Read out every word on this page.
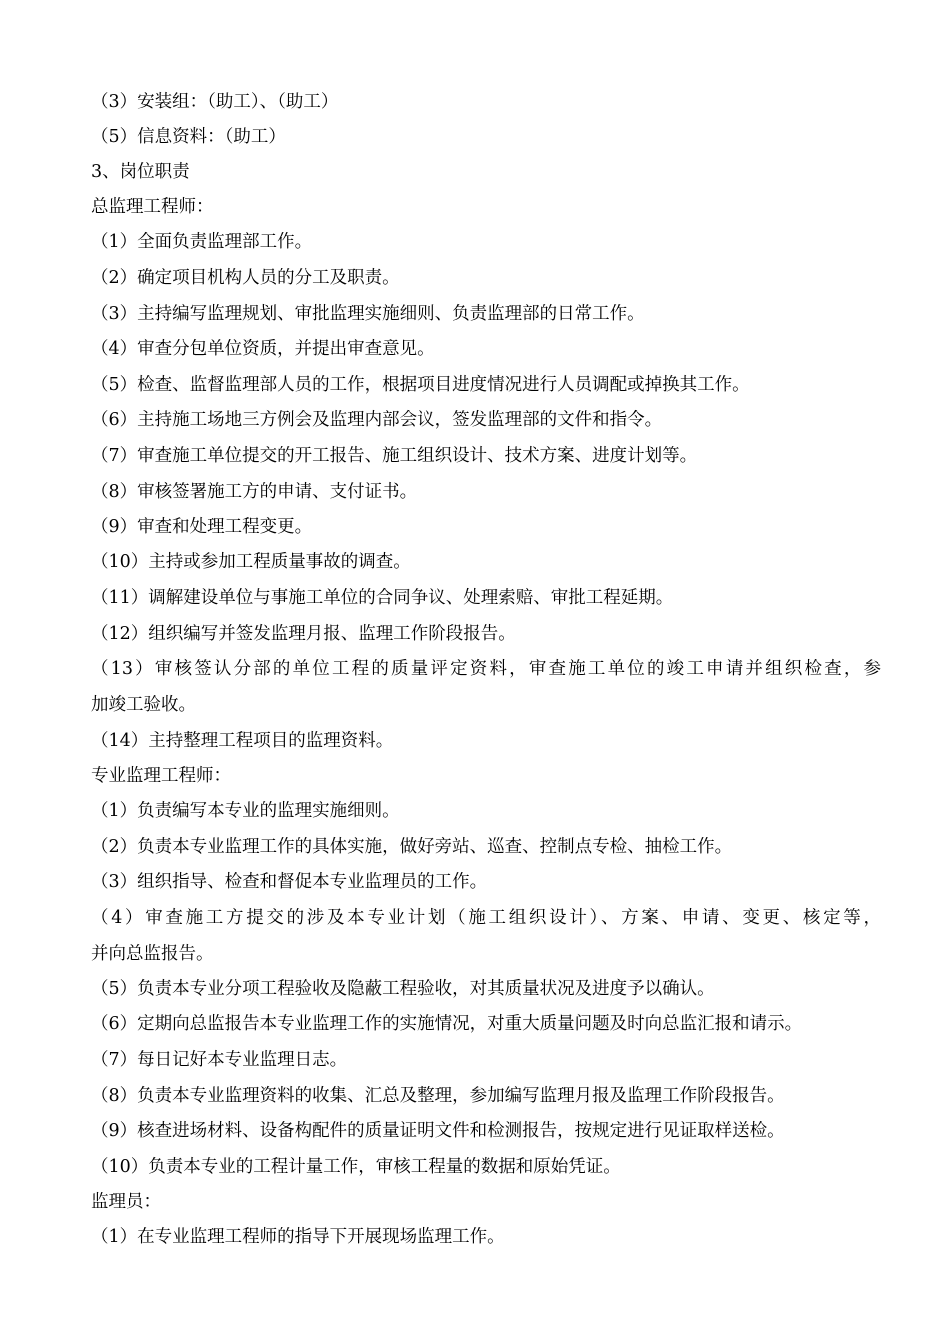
（3）安装组：（助工）、（助工）
（5）信息资料：（助工）
3、岗位职责
总监理工程师：
（1）全面负责监理部工作。
（2）确定项目机构人员的分工及职责。
（3）主持编写监理规划、审批监理实施细则、负责监理部的日常工作。
（4）审查分包单位资质，并提出审查意见。
（5）检查、监督监理部人员的工作，根据项目进度情况进行人员调配或掉换其工作。
（6）主持施工场地三方例会及监理内部会议，签发监理部的文件和指令。
（7）审查施工单位提交的开工报告、施工组织设计、技术方案、进度计划等。
（8）审核签署施工方的申请、支付证书。
（9）审查和处理工程变更。
（10）主持或参加工程质量事故的调查。
（11）调解建设单位与事施工单位的合同争议、处理索赔、审批工程延期。
（12）组织编写并签发监理月报、监理工作阶段报告。
（13）审核签认分部的单位工程的质量评定资料，审查施工单位的竣工申请并组织检查，参
加竣工验收。
（14）主持整理工程项目的监理资料。
专业监理工程师：
（1）负责编写本专业的监理实施细则。
（2）负责本专业监理工作的具体实施，做好旁站、巡查、控制点专检、抽检工作。
（3）组织指导、检查和督促本专业监理员的工作。
（4）审查施工方提交的涉及本专业计划（施工组织设计）、方案、申请、变更、核定等，
并向总监报告。
（5）负责本专业分项工程验收及隐蔽工程验收，对其质量状况及进度予以确认。
（6）定期向总监报告本专业监理工作的实施情况，对重大质量问题及时向总监汇报和请示。
（7）每日记好本专业监理日志。
（8）负责本专业监理资料的收集、汇总及整理，参加编写监理月报及监理工作阶段报告。
（9）核查进场材料、设备构配件的质量证明文件和检测报告，按规定进行见证取样送检。
（10）负责本专业的工程计量工作，审核工程量的数据和原始凭证。
监理员：
（1）在专业监理工程师的指导下开展现场监理工作。
